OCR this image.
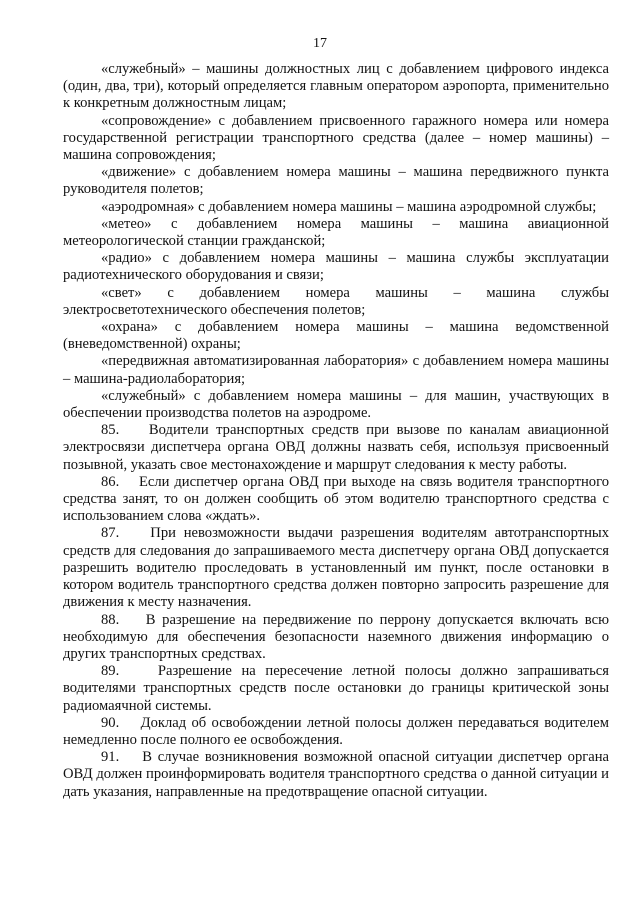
17

«служебный» – машины должностных лиц с добавлением цифрового индекса (один, два, три), который определяется главным оператором аэропорта, применительно к конкретным должностным лицам;

«сопровождение» с добавлением присвоенного гаражного номера или номера государственной регистрации транспортного средства (далее – номер машины) – машина сопровождения;

«движение» с добавлением номера машины – машина передвижного пункта руководителя полетов;

«аэродромная» с добавлением номера машины – машина аэродромной службы;

«метео» с добавлением номера машины – машина авиационной метеорологической станции гражданской;

«радио» с добавлением номера машины – машина службы эксплуатации радиотехнического оборудования и связи;

«свет» с добавлением номера машины – машина службы электросветотехнического обеспечения полетов;

«охрана» с добавлением номера машины – машина ведомственной (вневедомственной) охраны;

«передвижная автоматизированная лаборатория» с добавлением номера машины – машина-радиолаборатория;

«служебный» с добавлением номера машины – для машин, участвующих в обеспечении производства полетов на аэродроме.

85.    Водители транспортных средств при вызове по каналам авиационной электросвязи диспетчера органа ОВД должны назвать себя, используя присвоенный позывной, указать свое местонахождение и маршрут следования к месту работы.

86.    Если диспетчер органа ОВД при выходе на связь водителя транспортного средства занят, то он должен сообщить об этом водителю транспортного средства с использованием слова «ждать».

87.    При невозможности выдачи разрешения водителям автотранспортных средств для следования до запрашиваемого места диспетчеру органа ОВД допускается разрешить водителю проследовать в установленный им пункт, после остановки в котором водитель транспортного средства должен повторно запросить разрешение для движения к месту назначения.

88.    В разрешение на передвижение по перрону допускается включать всю необходимую для обеспечения безопасности наземного движения информацию о других транспортных средствах.

89.    Разрешение на пересечение летной полосы должно запрашиваться водителями транспортных средств после остановки до границы критической зоны радиомаячной системы.

90.    Доклад об освобождении летной полосы должен передаваться водителем немедленно после полного ее освобождения.

91.    В случае возникновения возможной опасной ситуации диспетчер органа ОВД должен проинформировать водителя транспортного средства о данной ситуации и дать указания, направленные на предотвращение опасной ситуации.
